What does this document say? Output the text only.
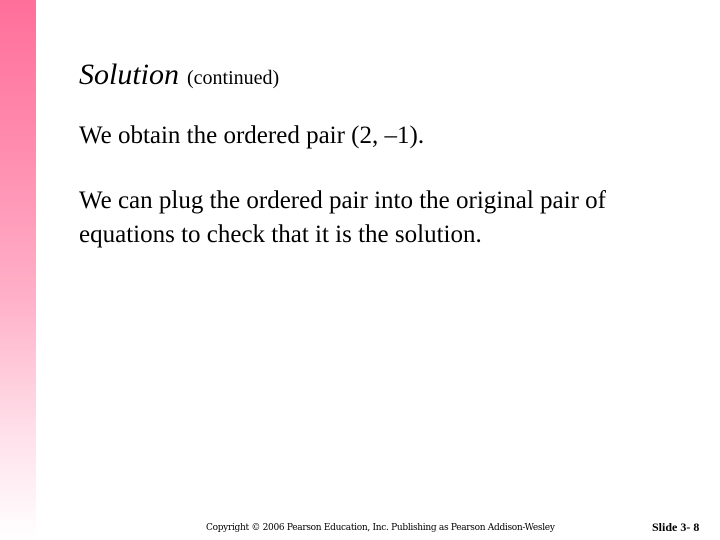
Solution (continued)

We obtain the ordered pair (2, –1).

We can plug the ordered pair into the original pair of equations to check that it is the solution.

Copyright © 2006 Pearson Education, Inc. Publishing as Pearson Addison-Wesley	Slide 3- 8
